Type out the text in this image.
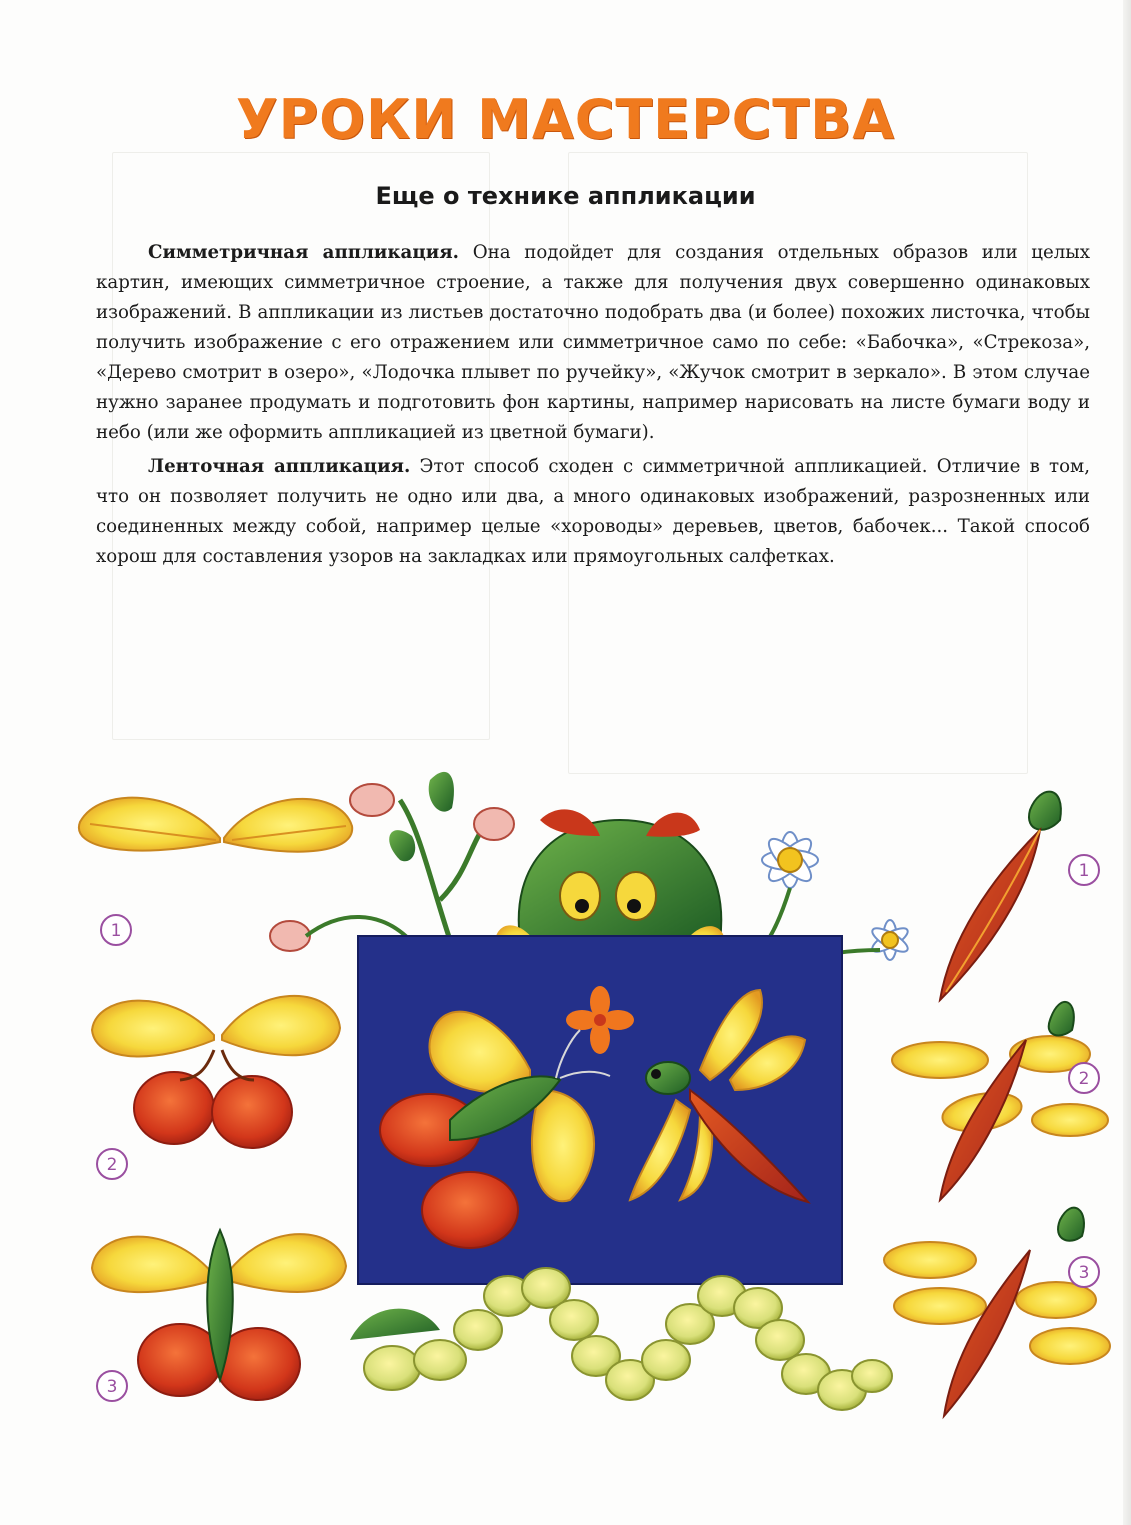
УРОКИ МАСТЕРСТВА
Еще о технике аппликации

Симметричная аппликация. Она подойдет для создания отдельных образов или целых картин, имеющих симметричное строение, а также для получения двух совершенно одинаковых изображений. В аппликации из листьев достаточно подобрать два (и более) похожих листочка, чтобы получить изображение с его отражением или симметричное само по себе: «Бабочка», «Стрекоза», «Дерево смотрит в озеро», «Лодочка плывет по ручейку», «Жучок смотрит в зеркало». В этом случае нужно заранее продумать и подготовить фон картины, например нарисовать на листе бумаги воду и небо (или же оформить аппликацией из цветной бумаги).

Ленточная аппликация. Этот способ сходен с симметричной аппликацией. Отличие в том, что он позволяет получить не одно или два, а много одинаковых изображений, разрозненных или соединенных между собой, например целые «хороводы» деревьев, цветов, бабочек... Такой способ хорош для составления узоров на закладках или прямоугольных салфетках.

1
2
3
1
2
3
